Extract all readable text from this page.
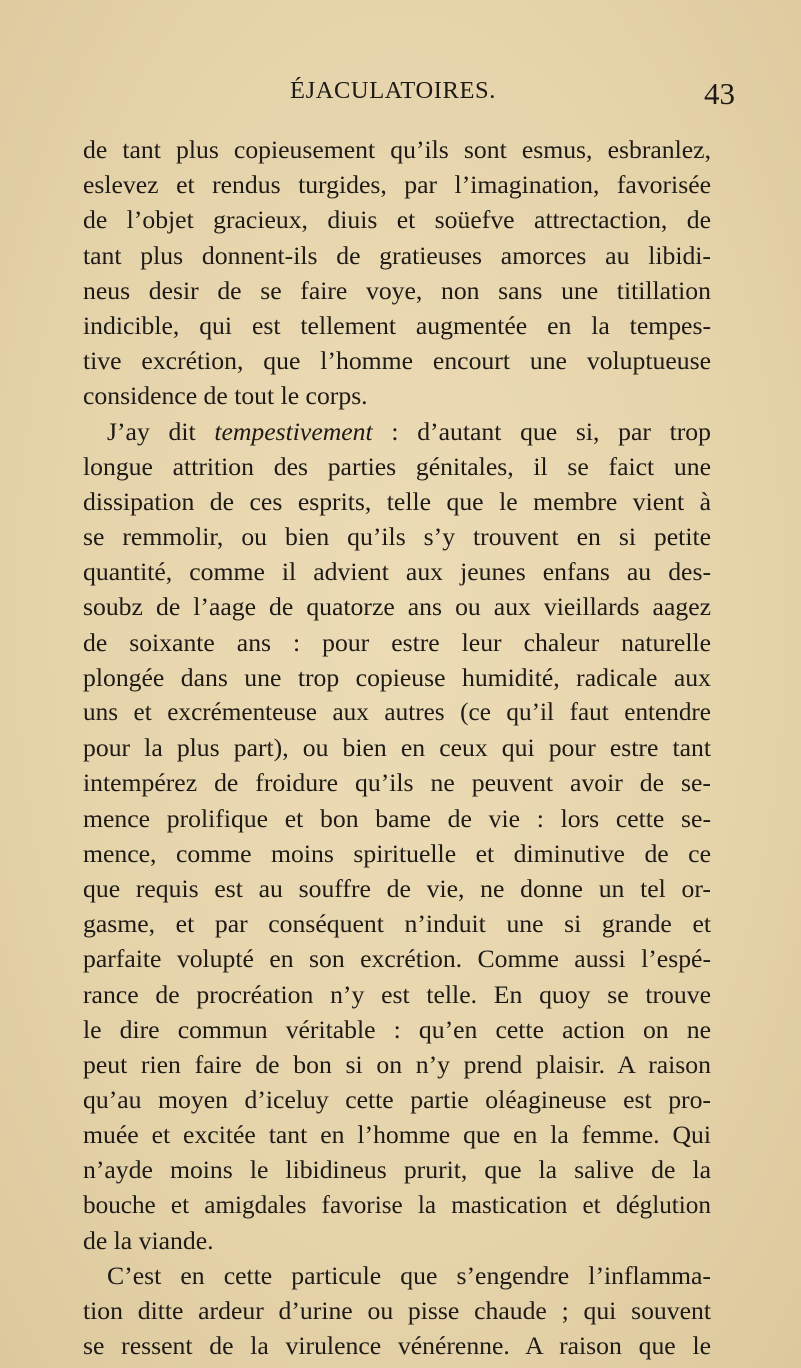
ÉJACULATOIRES.	43
de tant plus copieusement qu’ils sont esmus, esbranlez,
eslevez et rendus turgides, par l’imagination, favorisée
de l’objet gracieux, diuis et soüefve attrectaction, de
tant plus donnent-ils de gratieuses amorces au libidi-
neus desir de se faire voye, non sans une titillation
indicible, qui est tellement augmentée en la tempes-
tive excrétion, que l’homme encourt une voluptueuse
considence de tout le corps.
J’ay dit tempestivement : d’autant que si, par trop
longue attrition des parties génitales, il se faict une
dissipation de ces esprits, telle que le membre vient à
se remmolir, ou bien qu’ils s’y trouvent en si petite
quantité, comme il advient aux jeunes enfans au des-
soubz de l’aage de quatorze ans ou aux vieillards aagez
de soixante ans : pour estre leur chaleur naturelle
plongée dans une trop copieuse humidité, radicale aux
uns et excrémenteuse aux autres (ce qu’il faut entendre
pour la plus part), ou bien en ceux qui pour estre tant
intempérez de froidure qu’ils ne peuvent avoir de se-
mence prolifique et bon bame de vie : lors cette se-
mence, comme moins spirituelle et diminutive de ce
que requis est au souffre de vie, ne donne un tel or-
gasme, et par conséquent n’induit une si grande et
parfaite volupté en son excrétion. Comme aussi l’espé-
rance de procréation n’y est telle. En quoy se trouve
le dire commun véritable : qu’en cette action on ne
peut rien faire de bon si on n’y prend plaisir. A raison
qu’au moyen d’iceluy cette partie oléagineuse est pro-
muée et excitée tant en l’homme que en la femme. Qui
n’ayde moins le libidineus prurit, que la salive de la
bouche et amigdales favorise la mastication et déglution
de la viande.
C’est en cette particule que s’engendre l’inflamma-
tion ditte ardeur d’urine ou pisse chaude ; qui souvent
se ressent de la virulence vénérenne. A raison que le
